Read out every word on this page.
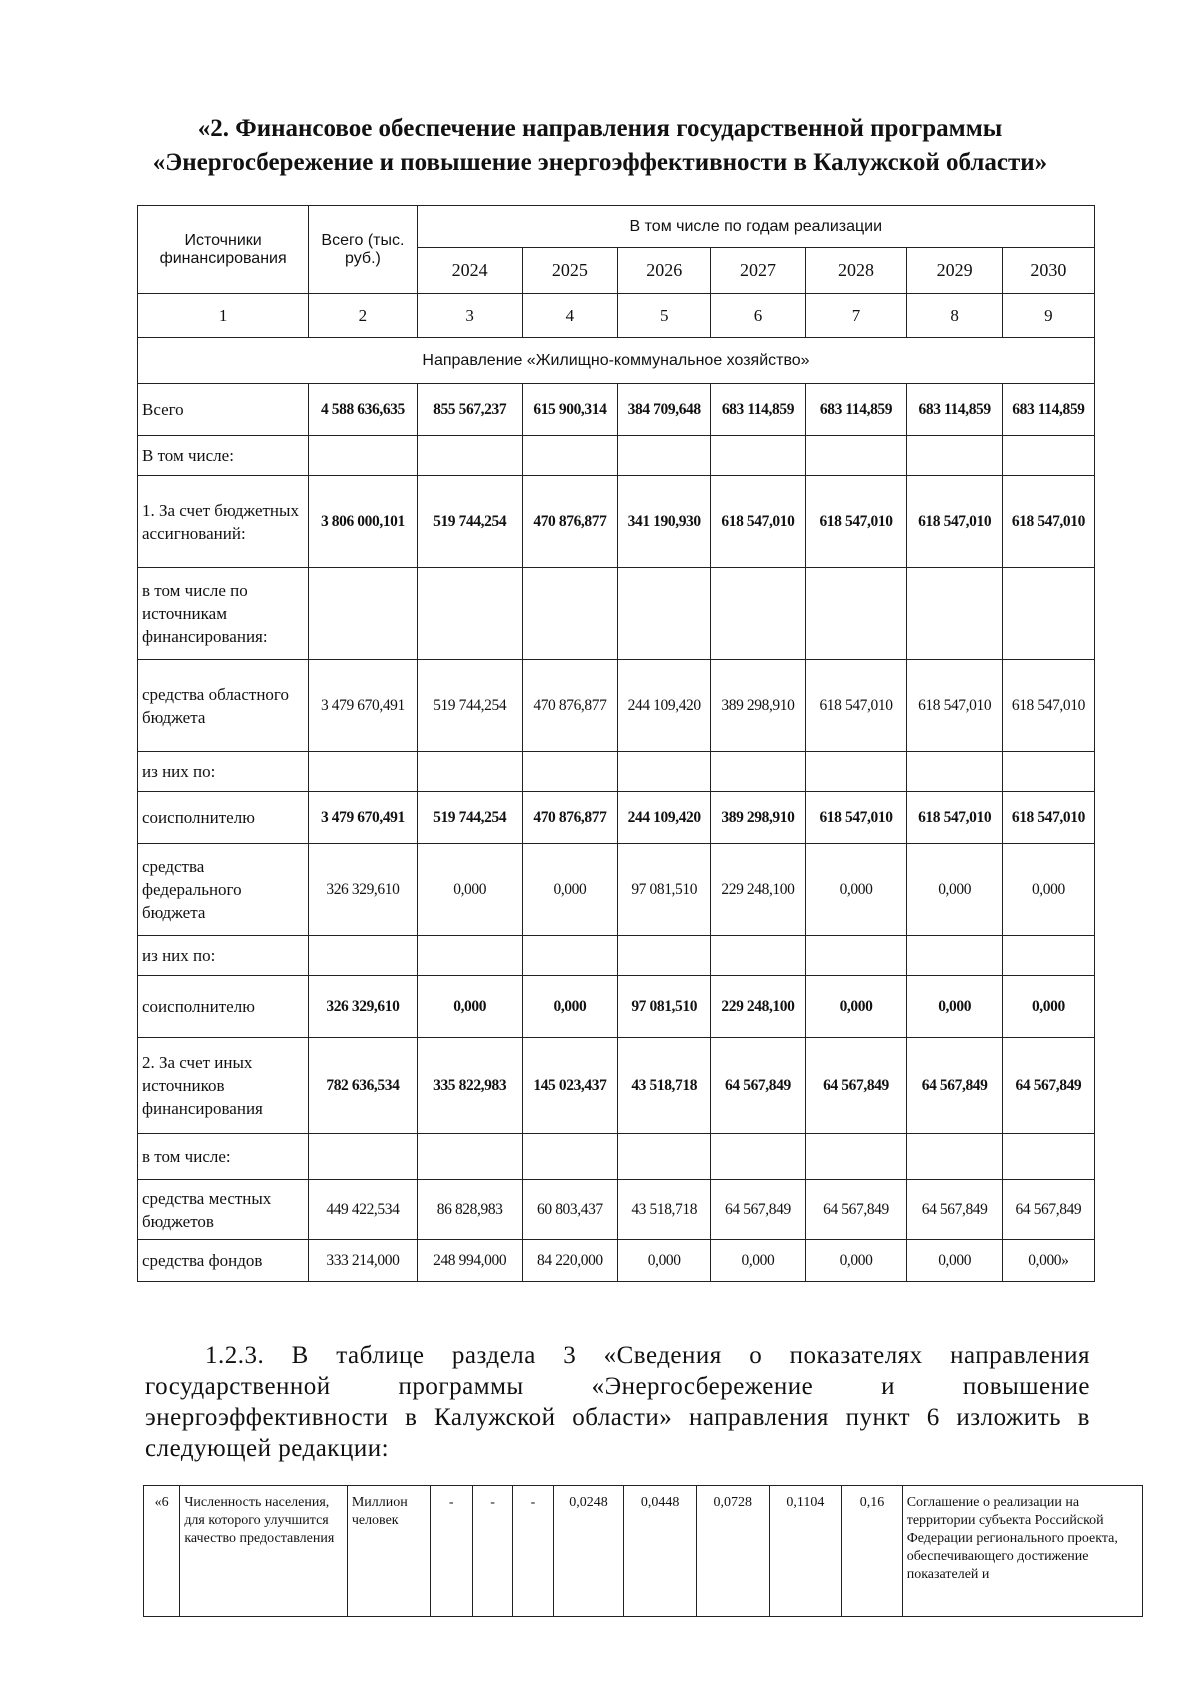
«2. Финансовое обеспечение направления государственной программы
«Энергосбережение и повышение энергоэффективности в Калужской области»
Источники финансирования	Всего (тыс. руб.)	В том числе по годам реализации						
		2024	2025	2026	2027	2028	2029	2030
1	2	3	4	5	6	7	8	9
Направление «Жилищно-коммунальное хозяйство»								
Всего	4 588 636,635	855 567,237	615 900,314	384 709,648	683 114,859	683 114,859	683 114,859	683 114,859
В том числе:								
1. За счет бюджетных ассигнований:	3 806 000,101	519 744,254	470 876,877	341 190,930	618 547,010	618 547,010	618 547,010	618 547,010
в том числе по источникам финансирования:								
средства областного бюджета	3 479 670,491	519 744,254	470 876,877	244 109,420	389 298,910	618 547,010	618 547,010	618 547,010
из них по:								
соисполнителю	3 479 670,491	519 744,254	470 876,877	244 109,420	389 298,910	618 547,010	618 547,010	618 547,010
средства федерального бюджета	326 329,610	0,000	0,000	97 081,510	229 248,100	0,000	0,000	0,000
из них по:								
соисполнителю	326 329,610	0,000	0,000	97 081,510	229 248,100	0,000	0,000	0,000
2. За счет иных источников финансирования	782 636,534	335 822,983	145 023,437	43 518,718	64 567,849	64 567,849	64 567,849	64 567,849
в том числе:								
средства местных бюджетов	449 422,534	86 828,983	60 803,437	43 518,718	64 567,849	64 567,849	64 567,849	64 567,849
средства фондов	333 214,000	248 994,000	84 220,000	0,000	0,000	0,000	0,000	0,000»
1.2.3. В таблице раздела 3 «Сведения о показателях направления государственной программы «Энергосбережение и повышение энергоэффективности в Калужской области» направления пункт 6 изложить в следующей редакции:
«6	Численность населения, для которого улучшится качество предоставления	Миллион человек	-	-	-	0,0248	0,0448	0,0728	0,1104	0,16	Соглашение о реализации на территории субъекта Российской Федерации регионального проекта, обеспечивающего достижение показателей и
